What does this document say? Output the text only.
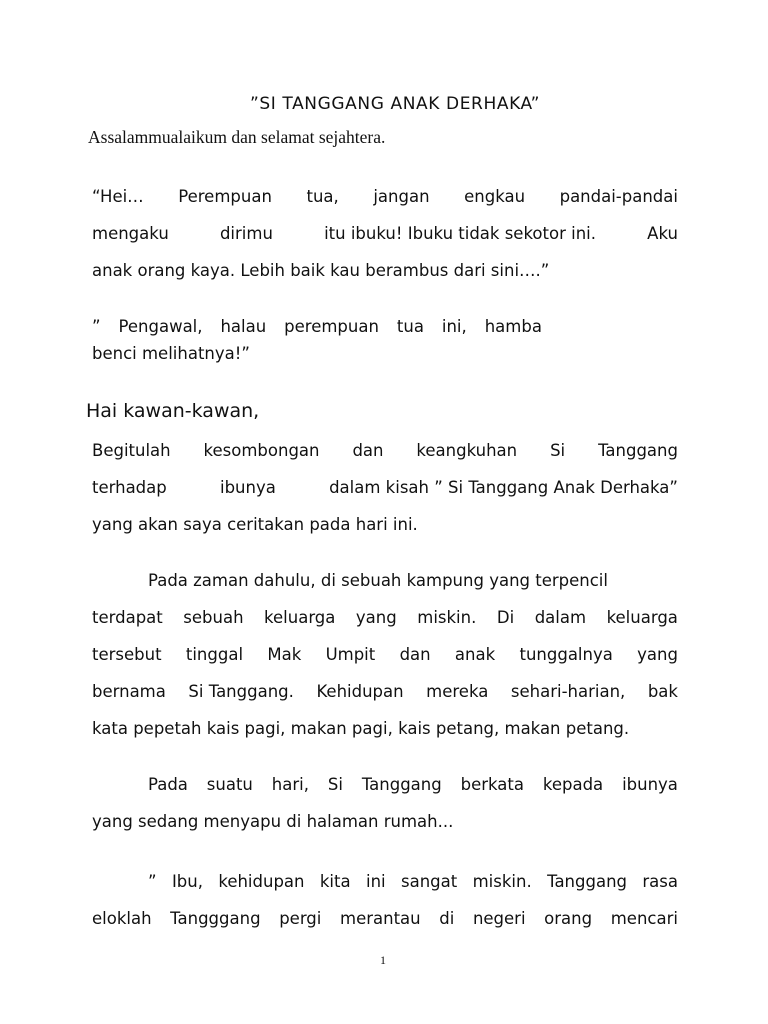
”SI TANGGANG ANAK DERHAKA”
Assalammualaikum dan selamat sejahtera.
“Hei… Perempuan tua, jangan engkau pandai-pandai
mengaku	dirimu	itu ibuku! Ibuku tidak sekotor ini.	Aku
anak orang kaya. Lebih baik kau berambus dari sini….”
” Pengawal, halau perempuan tua ini, hamba
benci melihatnya!”
Hai kawan-kawan,
Begitulah kesombongan dan keangkuhan Si Tanggang
terhadap	ibunya	dalam kisah ” Si Tanggang Anak Derhaka”
yang akan saya ceritakan pada hari ini.
Pada zaman dahulu, di sebuah kampung yang terpencil
terdapat sebuah keluarga yang miskin. Di dalam keluarga
tersebut tinggal Mak Umpit dan anak tunggalnya yang
bernama Si Tanggang. Kehidupan mereka sehari-harian, bak
kata pepetah kais pagi, makan pagi, kais petang, makan petang.
Pada suatu hari, Si Tanggang berkata kepada ibunya
yang sedang menyapu di halaman rumah...
” Ibu, kehidupan kita ini sangat miskin. Tanggang rasa
eloklah Tangggang pergi merantau di negeri orang mencari
1
